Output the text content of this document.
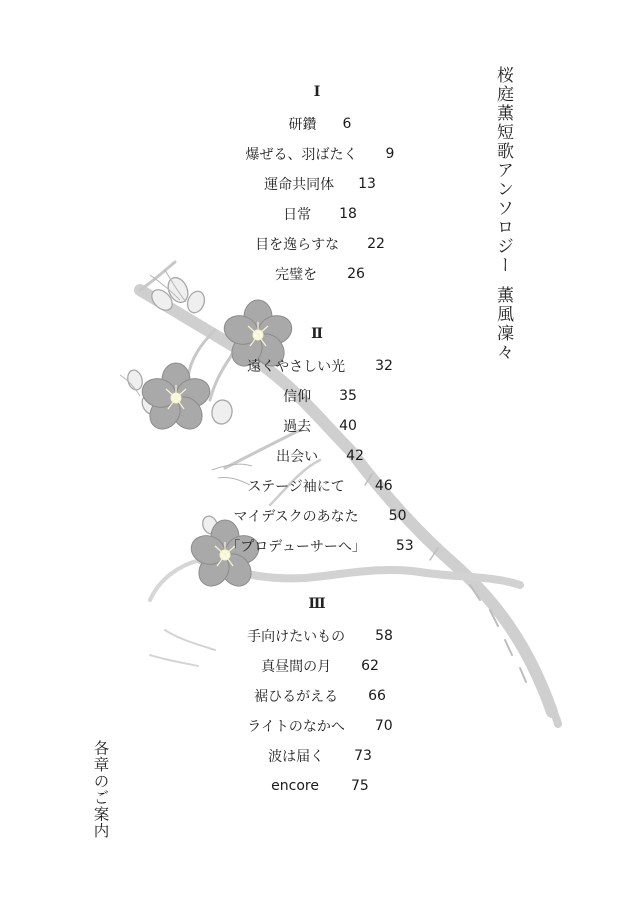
桜庭薫短歌アンソロジー
薫風凜々
各章のご案内
Ⅰ
研鑽 6
爆ぜる、羽ばたく 9
運命共同体 13
日常 18
目を逸らすな 22
完璧を 26
Ⅱ
遠くやさしい光 32
信仰 35
過去 40
出会い 42
ステージ袖にて 46
マイデスクのあなた 50
「プロデューサーへ」 53
Ⅲ
手向けたいもの 58
真昼間の月 62
裾ひるがえる 66
ライトのなかへ 70
波は届く 73
encore 75
